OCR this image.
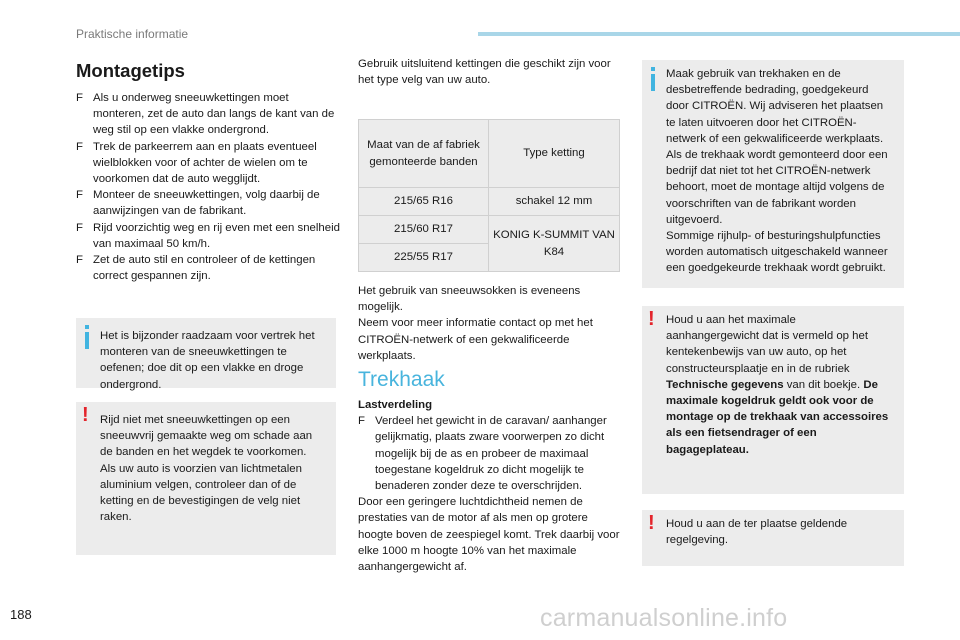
Praktische informatie
Montagetips
F Als u onderweg sneeuwkettingen moet monteren, zet de auto dan langs de kant van de weg stil op een vlakke ondergrond.
F Trek de parkeerrem aan en plaats eventueel wielblokken voor of achter de wielen om te voorkomen dat de auto wegglijdt.
F Monteer de sneeuwkettingen, volg daarbij de aanwijzingen van de fabrikant.
F Rijd voorzichtig weg en rij even met een snelheid van maximaal 50 km/h.
F Zet de auto stil en controleer of de kettingen correct gespannen zijn.
Het is bijzonder raadzaam voor vertrek het monteren van de sneeuwkettingen te oefenen; doe dit op een vlakke en droge ondergrond.
! Rijd niet met sneeuwkettingen op een sneeuwvrij gemaakte weg om schade aan de banden en het wegdek te voorkomen. Als uw auto is voorzien van lichtmetalen aluminium velgen, controleer dan of de ketting en de bevestigingen de velg niet raken.
Gebruik uitsluitend kettingen die geschikt zijn voor het type velg van uw auto.
Maat van de af fabriek gemonteerde banden	Type ketting
215/65 R16	schakel 12 mm
215/60 R17	KONIG K-SUMMIT VAN K84
225/55 R17	
Het gebruik van sneeuwsokken is eveneens mogelijk.
Neem voor meer informatie contact op met het CITROËN-netwerk of een gekwalificeerde werkplaats.
Trekhaak
Lastverdeling
F Verdeel het gewicht in de caravan/ aanhanger gelijkmatig, plaats zware voorwerpen zo dicht mogelijk bij de as en probeer de maximaal toegestane kogeldruk zo dicht mogelijk te benaderen zonder deze te overschrijden.
Door een geringere luchtdichtheid nemen de prestaties van de motor af als men op grotere hoogte boven de zeespiegel komt. Trek daarbij voor elke 1000 m hoogte 10% van het maximale aanhangergewicht af.
Maak gebruik van trekhaken en de desbetreffende bedrading, goedgekeurd door CITROËN. Wij adviseren het plaatsen te laten uitvoeren door het CITROËN-netwerk of een gekwalificeerde werkplaats.
Als de trekhaak wordt gemonteerd door een bedrijf dat niet tot het CITROËN-netwerk behoort, moet de montage altijd volgens de voorschriften van de fabrikant worden uitgevoerd.
Sommige rijhulp- of besturingshulpfuncties worden automatisch uitgeschakeld wanneer een goedgekeurde trekhaak wordt gebruikt.
! Houd u aan het maximale aanhangergewicht dat is vermeld op het kentekenbewijs van uw auto, op het constructeursplaatje en in de rubriek Technische gegevens van dit boekje. De maximale kogeldruk geldt ook voor de montage op de trekhaak van accessoires als een fietsendrager of een bagageplateau.
! Houd u aan de ter plaatse geldende regelgeving.
188	carmanualsonline.info
